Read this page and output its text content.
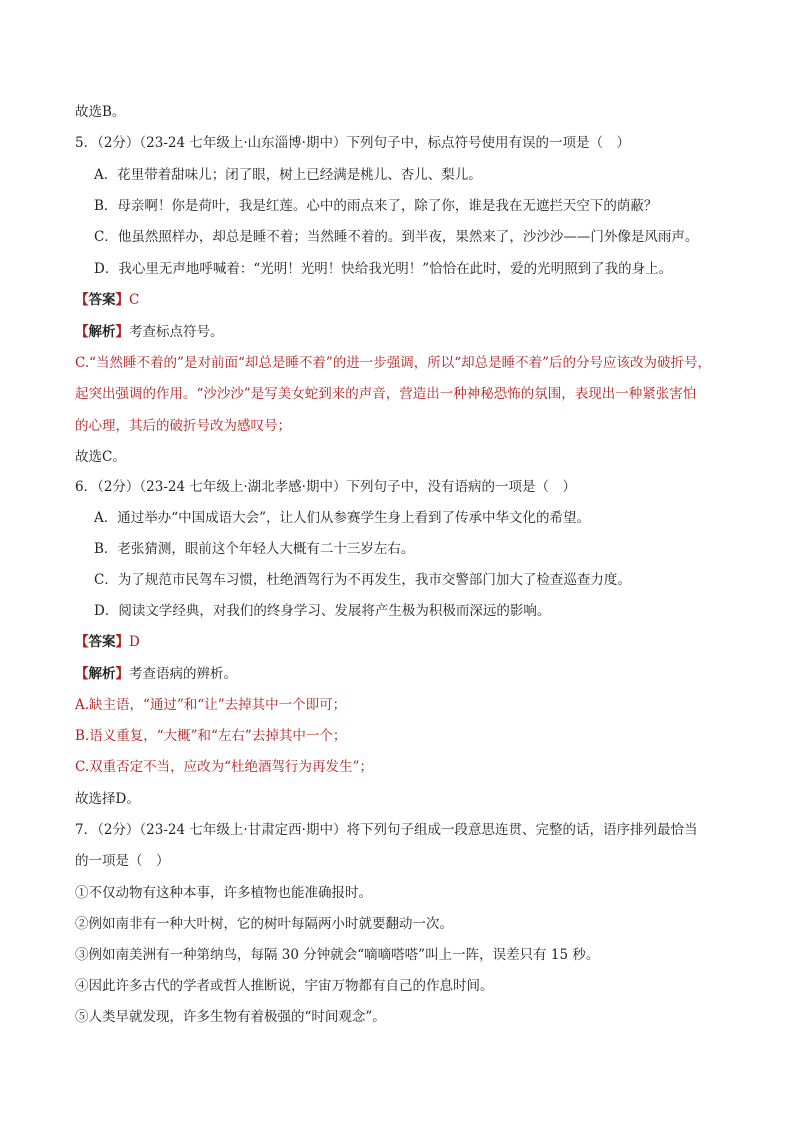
故选B。
5．（2分）（23-24 七年级上·山东淄博·期中）下列句子中，标点符号使用有误的一项是（　）
A．花里带着甜味儿；闭了眼，树上已经满是桃儿、杏儿、梨儿。
B．母亲啊！你是荷叶，我是红莲。心中的雨点来了，除了你，谁是我在无遮拦天空下的荫蔽？
C．他虽然照样办，却总是睡不着；当然睡不着的。到半夜，果然来了，沙沙沙——门外像是风雨声。
D．我心里无声地呼喊着：“光明！光明！快给我光明！”恰恰在此时，爱的光明照到了我的身上。
【答案】C
【解析】考查标点符号。
C.“当然睡不着的”是对前面“却总是睡不着”的进一步强调，所以“却总是睡不着”后的分号应该改为破折号，
起突出强调的作用。“沙沙沙”是写美女蛇到来的声音，营造出一种神秘恐怖的氛围，表现出一种紧张害怕
的心理，其后的破折号改为感叹号；
故选C。
6．（2分）（23-24 七年级上·湖北孝感·期中）下列句子中，没有语病的一项是（　）
A．通过举办“中国成语大会”，让人们从参赛学生身上看到了传承中华文化的希望。
B．老张猜测，眼前这个年轻人大概有二十三岁左右。
C．为了规范市民驾车习惯，杜绝酒驾行为不再发生，我市交警部门加大了检查巡查力度。
D．阅读文学经典，对我们的终身学习、发展将产生极为积极而深远的影响。
【答案】D
【解析】考查语病的辨析。
A.缺主语，“通过”和“让”去掉其中一个即可；
B.语义重复，“大概”和“左右”去掉其中一个；
C.双重否定不当，应改为“杜绝酒驾行为再发生”；
故选择D。
7．（2分）（23-24 七年级上·甘肃定西·期中）将下列句子组成一段意思连贯、完整的话，语序排列最恰当
的一项是（　）
①不仅动物有这种本事，许多植物也能准确报时。
②例如南非有一种大叶树，它的树叶每隔两小时就要翻动一次。
③例如南美洲有一种第纳鸟，每隔 30 分钟就会“嘀嘀嗒嗒”叫上一阵，误差只有 15 秒。
④因此许多古代的学者或哲人推断说，宇宙万物都有自己的作息时间。
⑤人类早就发现，许多生物有着极强的“时间观念”。
